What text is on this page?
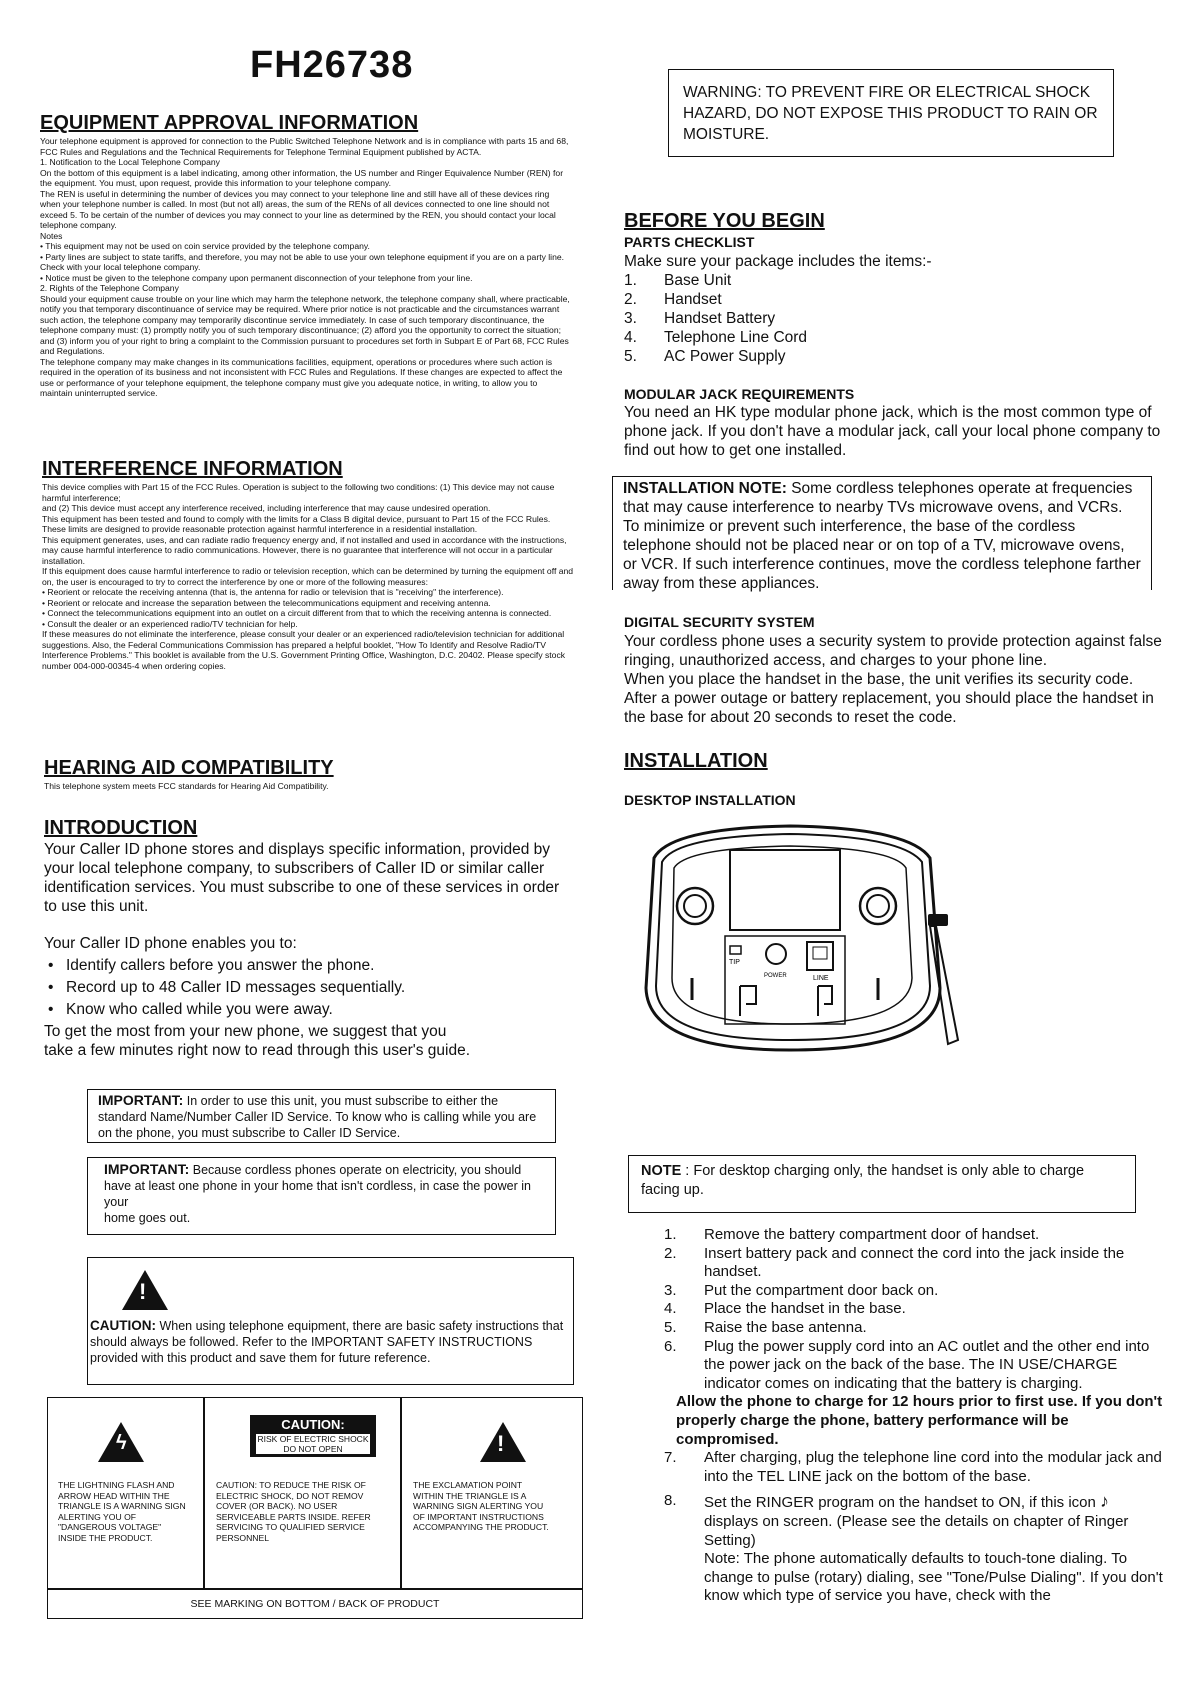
FH26738
EQUIPMENT APPROVAL INFORMATION

Your telephone equipment is approved for connection to the Public Switched Telephone Network and is in compliance with parts 15 and 68, FCC Rules and Regulations and the Technical Requirements for Telephone Terminal Equipment published by ACTA.

1. Notification to the Local Telephone Company

On the bottom of this equipment is a label indicating, among other information, the US number and Ringer Equivalence Number (REN) for the equipment. You must, upon request, provide this information to your telephone company.

The REN is useful in determining the number of devices you may connect to your telephone line and still have all of these devices ring when your telephone number is called. In most (but not all) areas, the sum of the RENs of all devices connected to one line should not exceed 5. To be certain of the number of devices you may connect to your line as determined by the REN, you should contact your local telephone company.

Notes

• This equipment may not be used on coin service provided by the telephone company.

• Party lines are subject to state tariffs, and therefore, you may not be able to use your own telephone equipment if you are on a party line. Check with your local telephone company.

• Notice must be given to the telephone company upon permanent disconnection of your telephone from your line.

2. Rights of the Telephone Company

Should your equipment cause trouble on your line which may harm the telephone network, the telephone company shall, where practicable, notify you that temporary discontinuance of service may be required. Where prior notice is not practicable and the circumstances warrant such action, the telephone company may temporarily discontinue service immediately. In case of such temporary discontinuance, the telephone company must: (1) promptly notify you of such temporary discontinuance; (2) afford you the opportunity to correct the situation; and (3) inform you of your right to bring a complaint to the Commission pursuant to procedures set forth in Subpart E of Part 68, FCC Rules and Regulations.

The telephone company may make changes in its communications facilities, equipment, operations or procedures where such action is required in the operation of its business and not inconsistent with FCC Rules and Regulations. If these changes are expected to affect the use or performance of your telephone equipment, the telephone company must give you adequate notice, in writing, to allow you to maintain uninterrupted service.

INTERFERENCE INFORMATION

This device complies with Part 15 of the FCC Rules. Operation is subject to the following two conditions: (1) This device may not cause harmful interference;

and (2) This device must accept any interference received, including interference that may cause undesired operation.

This equipment has been tested and found to comply with the limits for a Class B digital device, pursuant to Part 15 of the FCC Rules. These limits are designed to provide reasonable protection against harmful interference in a residential installation.

This equipment generates, uses, and can radiate radio frequency energy and, if not installed and used in accordance with the instructions, may cause harmful interference to radio communications. However, there is no guarantee that interference will not occur in a particular installation.

If this equipment does cause harmful interference to radio or television reception, which can be determined by turning the equipment off and on, the user is encouraged to try to correct the interference by one or more of the following measures:

• Reorient or relocate the receiving antenna (that is, the antenna for radio or television that is "receiving" the interference).

• Reorient or relocate and increase the separation between the telecommunications equipment and receiving antenna.

• Connect the telecommunications equipment into an outlet on a circuit different from that to which the receiving antenna is connected.

• Consult the dealer or an experienced radio/TV technician for help.

If these measures do not eliminate the interference, please consult your dealer or an experienced radio/television technician for additional suggestions. Also, the Federal Communications Commission has prepared a helpful booklet, "How To Identify and Resolve Radio/TV Interference Problems." This booklet is available from the U.S. Government Printing Office, Washington, D.C. 20402. Please specify stock number 004-000-00345-4 when ordering copies.

HEARING AID COMPATIBILITY
This telephone system meets FCC standards for Hearing Aid Compatibility.
INTRODUCTION

Your Caller ID phone stores and displays specific information, provided by your local telephone company, to subscribers of Caller ID or similar caller identification services. You must subscribe to one of these services in order to use this unit.

Your Caller ID phone enables you to:

• Identify callers before you answer the phone.
• Record up to 48 Caller ID messages sequentially.
• Know who called while you were away.

To get the most from your new phone, we suggest that you take a few minutes right now to read through this user's guide.

IMPORTANT: In order to use this unit, you must subscribe to either the standard Name/Number Caller ID Service. To know who is calling while you are on the phone, you must subscribe to Caller ID Service.
IMPORTANT: Because cordless phones operate on electricity, you should have at least one phone in your home that isn't cordless, in case the power in your
home goes out.
!
CAUTION: When using telephone equipment, there are basic safety instructions that should always be followed. Refer to the IMPORTANT SAFETY INSTRUCTIONS provided with this product and save them for future reference.
ϟ
CAUTION:
RISK OF ELECTRIC SHOCK
DO NOT OPEN	!
THE LIGHTNING FLASH AND ARROW HEAD WITHIN THE TRIANGLE IS A WARNING SIGN ALERTING YOU OF "DANGEROUS VOLTAGE" INSIDE THE PRODUCT.
CAUTION: TO REDUCE THE RISK OF ELECTRIC SHOCK, DO NOT REMOV COVER (OR BACK). NO USER SERVICEABLE PARTS INSIDE. REFER SERVICING TO QUALIFIED SERVICE PERSONNEL
THE EXCLAMATION POINT WITHIN THE TRIANGLE IS A WARNING SIGN ALERTING YOU OF IMPORTANT INSTRUCTIONS ACCOMPANYING THE PRODUCT.
SEE MARKING ON BOTTOM / BACK OF PRODUCT
WARNING: TO PREVENT FIRE OR ELECTRICAL SHOCK HAZARD, DO NOT EXPOSE THIS PRODUCT TO RAIN OR MOISTURE.
BEFORE YOU BEGIN
PARTS CHECKLIST

Make sure your package includes the items:-

1. Base Unit
2. Handset
3. Handset Battery
4. Telephone Line Cord
5. AC Power Supply
MODULAR JACK REQUIREMENTS
You need an HK type modular phone jack, which is the most common type of phone jack. If you don't have a modular jack, call your local phone company to find out how to get one installed.
INSTALLATION NOTE: Some cordless telephones operate at frequencies that may cause interference to nearby TVs microwave ovens, and VCRs. To minimize or prevent such interference, the base of the cordless telephone should not be placed near or on top of a TV, microwave ovens, or VCR. If such interference continues, move the cordless telephone farther away from these appliances.
DIGITAL SECURITY SYSTEM

Your cordless phone uses a security system to provide protection against false ringing, unauthorized access, and charges to your phone line.

When you place the handset in the base, the unit verifies its security code. After a power outage or battery replacement, you should place the handset in the base for about 20 seconds to reset the code.

INSTALLATION
DESKTOP INSTALLATION
TIP
POWER	LINE
NOTE : For desktop charging only, the handset is only able to charge facing up.
1. Remove the battery compartment door of handset.
2. Insert battery pack and connect the cord into the jack inside the handset.
3. Put the compartment door back on.
4. Place the handset in the base.
5. Raise the base antenna.
6. Plug the power supply cord into an AC outlet and the other end into the power jack on the back of the base. The IN USE/CHARGE indicator comes on indicating that the battery is charging.

Allow the phone to charge for 12 hours prior to first use. If you don't properly charge the phone, battery performance will be compromised.

7. After charging, plug the telephone line cord into the modular jack and into the TEL LINE jack on the bottom of the base.
8. Set the RINGER program on the handset to ON, if this icon ♪ displays on screen. (Please see the details on chapter of Ringer Setting)

Note: The phone automatically defaults to touch-tone dialing. To change to pulse (rotary) dialing, see "Tone/Pulse Dialing". If you don't know which type of service you have, check with the
